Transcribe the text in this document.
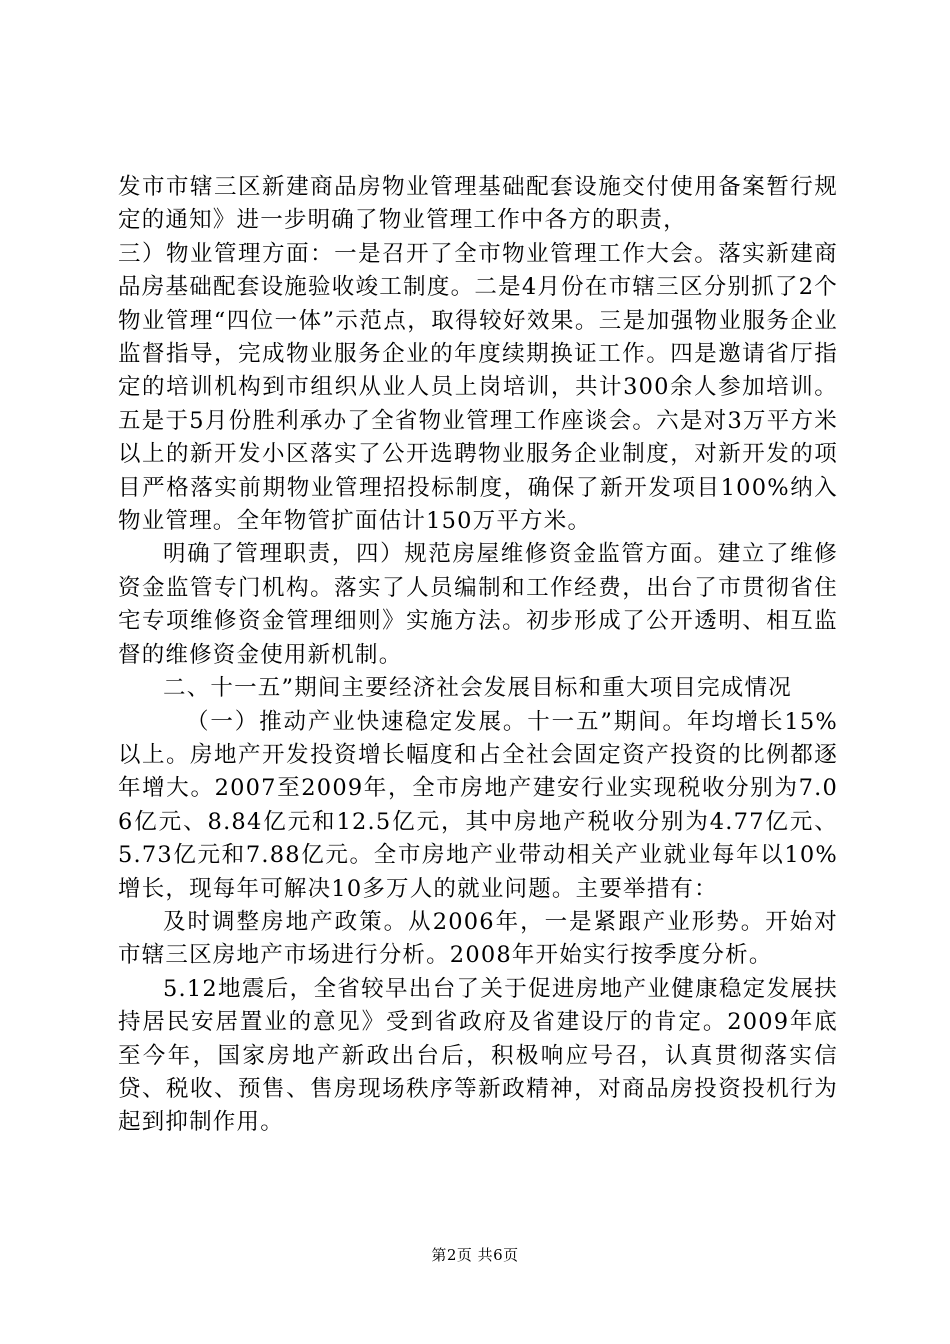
发市市辖三区新建商品房物业管理基础配套设施交付使用备案暂行规定的通知》进一步明确了物业管理工作中各方的职责，

三）物业管理方面：一是召开了全市物业管理工作大会。落实新建商品房基础配套设施验收竣工制度。二是4月份在市辖三区分别抓了2个物业管理“四位一体”示范点，取得较好效果。三是加强物业服务企业监督指导，完成物业服务企业的年度续期换证工作。四是邀请省厅指定的培训机构到市组织从业人员上岗培训，共计300余人参加培训。五是于5月份胜利承办了全省物业管理工作座谈会。六是对3万平方米以上的新开发小区落实了公开选聘物业服务企业制度，对新开发的项目严格落实前期物业管理招投标制度，确保了新开发项目100%纳入物业管理。全年物管扩面估计150万平方米。

明确了管理职责，四）规范房屋维修资金监管方面。建立了维修资金监管专门机构。落实了人员编制和工作经费，出台了市贯彻省住宅专项维修资金管理细则》实施方法。初步形成了公开透明、相互监督的维修资金使用新机制。

二、十一五”期间主要经济社会发展目标和重大项目完成情况

（一）推动产业快速稳定发展。十一五”期间。年均增长15%以上。房地产开发投资增长幅度和占全社会固定资产投资的比例都逐年增大。2007至2009年，全市房地产建安行业实现税收分别为7.06亿元、8.84亿元和12.5亿元，其中房地产税收分别为4.77亿元、5.73亿元和7.88亿元。全市房地产业带动相关产业就业每年以10%增长，现每年可解决10多万人的就业问题。主要举措有：

及时调整房地产政策。从2006年，一是紧跟产业形势。开始对市辖三区房地产市场进行分析。2008年开始实行按季度分析。

5.12地震后，全省较早出台了关于促进房地产业健康稳定发展扶持居民安居置业的意见》受到省政府及省建设厅的肯定。2009年底至今年，国家房地产新政出台后，积极响应号召，认真贯彻落实信贷、税收、预售、售房现场秩序等新政精神，对商品房投资投机行为起到抑制作用。

第2页 共6页
